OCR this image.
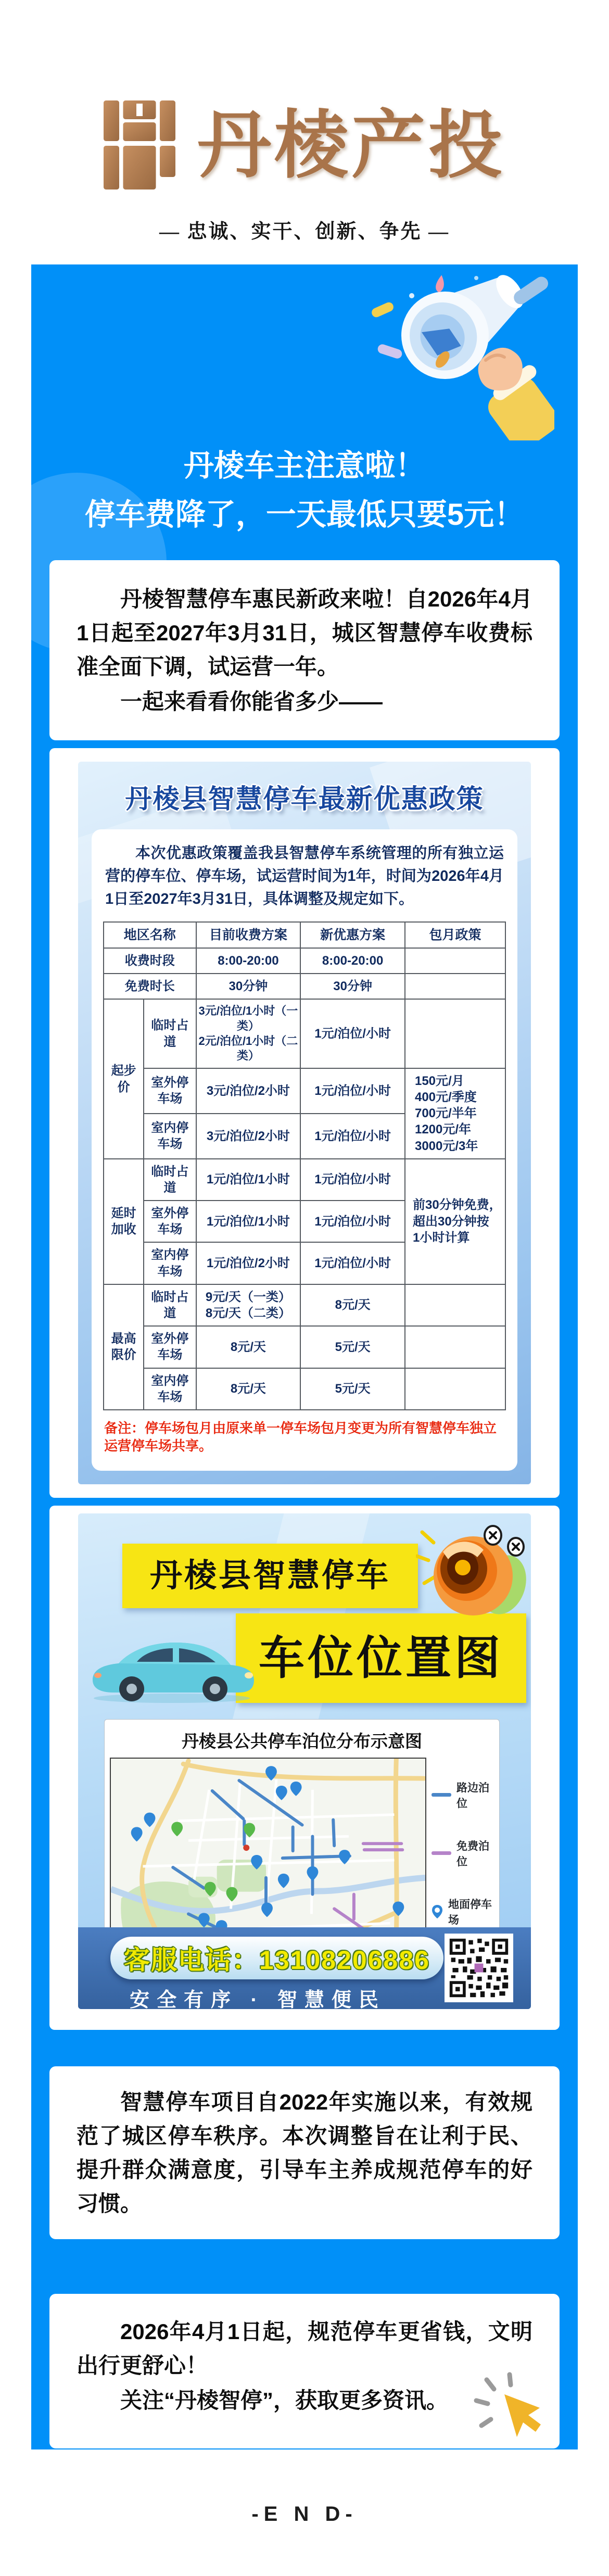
丹棱产投
— 忠诚、实干、创新、争先 —
丹棱车主注意啦！
停车费降了，一天最低只要5元！

丹棱智慧停车惠民新政来啦！自2026年4月1日起至2027年3月31日，城区智慧停车收费标准全面下调，试运营一年。

一起来看看你能省多少——

丹棱县智慧停车最新优惠政策

本次优惠政策覆盖我县智慧停车系统管理的所有独立运营的停车位、停车场，试运营时间为1年，时间为2026年4月1日至2027年3月31日，具体调整及规定如下。

地区名称		目前收费方案	新优惠方案	包月政策
收费时段		8:00-20:00	8:00-20:00	
免费时长		30分钟	30分钟	
起步价	临时占道	3元/泊位/1小时（一类）
2元/泊位/1小时（二类）	1元/泊位/小时	
	室外停车场	3元/泊位/2小时	1元/泊位/小时	150元/月
400元/季度
700元/半年
1200元/年
3000元/3年

	室内停车场	3元/泊位/2小时	1元/泊位/小时	
延时加收	临时占道	1元/泊位/1小时	1元/泊位/小时	前30分钟免费，
超出30分钟按
1小时计算

	室外停车场	1元/泊位/1小时	1元/泊位/小时	
	室内停车场	1元/泊位/2小时	1元/泊位/小时	
最高限价	临时占道	9元/天（一类）
8元/天（二类）	8元/天	
	室外停车场	8元/天	5元/天	
	室内停车场	8元/天	5元/天	
备注：停车场包月由原来单一停车场包月变更为所有智慧停车独立运营停车场共享。
丹棱县智慧停车
车位位置图
丹棱县公共停车泊位分布示意图
路边泊位
免费泊位
地面停车场
客服电话：13108206886
安全有序 · 智慧便民

智慧停车项目自2022年实施以来，有效规范了城区停车秩序。本次调整旨在让利于民、提升群众满意度，引导车主养成规范停车的好习惯。

2026年4月1日起，规范停车更省钱，文明出行更舒心！

关注“丹棱智停”，获取更多资讯。

-E N D-
